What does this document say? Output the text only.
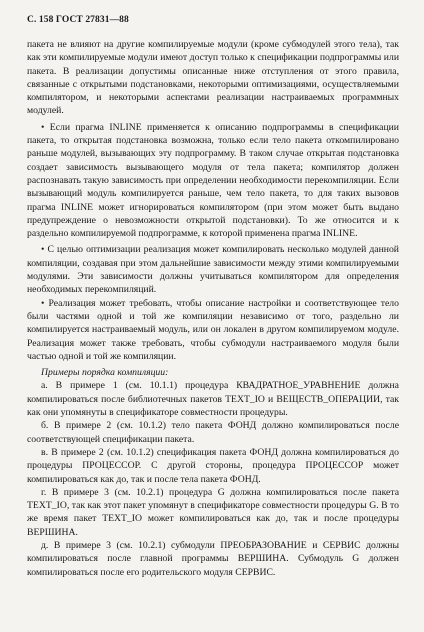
С. 158 ГОСТ 27831—88

пакета не влияют на другие компилируемые модули (кроме субмодулей этого тела), так как эти компилируемые модули имеют доступ только к спецификации подпрограммы или пакета. В реализации допустимы описанные ниже отступления от этого правила, связанные с открытыми подстановками, некоторыми оптимизациями, осуществляемыми компилятором, и некоторыми аспектами реализации настраиваемых программных модулей.

• Если прагма INLINE применяется к описанию подпрограммы в спецификации пакета, то открытая подстановка возможна, только если тело пакета откомпилировано раньше модулей, вызывающих эту подпрограмму. В таком случае открытая подстановка создает зависимость вызывающего модуля от тела пакета; компилятор должен распознавать такую зависимость при определении необходимости перекомпиляции. Если вызывающий модуль компилируется раньше, чем тело пакета, то для таких вызовов прагма INLINE может игнорироваться компилятором (при этом может быть выдано предупреждение о невозможности открытой подстановки). То же относится и к раздельно компилируемой подпрограмме, к которой применена прагма INLINE.

• С целью оптимизации реализация может компилировать несколько модулей данной компиляции, создавая при этом дальнейшие зависимости между этими компилируемыми модулями. Эти зависимости должны учитываться компилятором для определения необходимых перекомпиляций.

• Реализация может требовать, чтобы описание настройки и соответствующее тело были частями одной и той же компиляции независимо от того, раздельно ли компилируется настраиваемый модуль, или он локален в другом компилируемом модуле. Реализация может также требовать, чтобы субмодули настраиваемого модуля были частью одной и той же компиляции.

Примеры порядка компиляции:

а. В примере 1 (см. 10.1.1) процедура КВАДРАТНОЕ_УРАВНЕНИЕ должна компилироваться после библиотечных пакетов TEXT_IO и ВЕЩЕСТВ_ОПЕРАЦИИ, так как они упомянуты в спецификаторе совместности процедуры.

б. В примере 2 (см. 10.1.2) тело пакета ФОНД должно компилироваться после соответствующей спецификации пакета.

в. В примере 2 (см. 10.1.2) спецификация пакета ФОНД должна компилироваться до процедуры ПРОЦЕССОР. С другой стороны, процедура ПРОЦЕССОР может компилироваться как до, так и после тела пакета ФОНД.

г. В примере 3 (см. 10.2.1) процедура G должна компилироваться после пакета TEXT_IO, так как этот пакет упомянут в спецификаторе совместности процедуры G. В то же время пакет TEXT_IO может компилироваться как до, так и после процедуры ВЕРШИНА.

д. В примере 3 (см. 10.2.1) субмодули ПРЕОБРАЗОВАНИЕ и СЕРВИС должны компилироваться после главной программы ВЕРШИНА. Субмодуль G должен компилироваться после его родительского модуля СЕРВИС.
